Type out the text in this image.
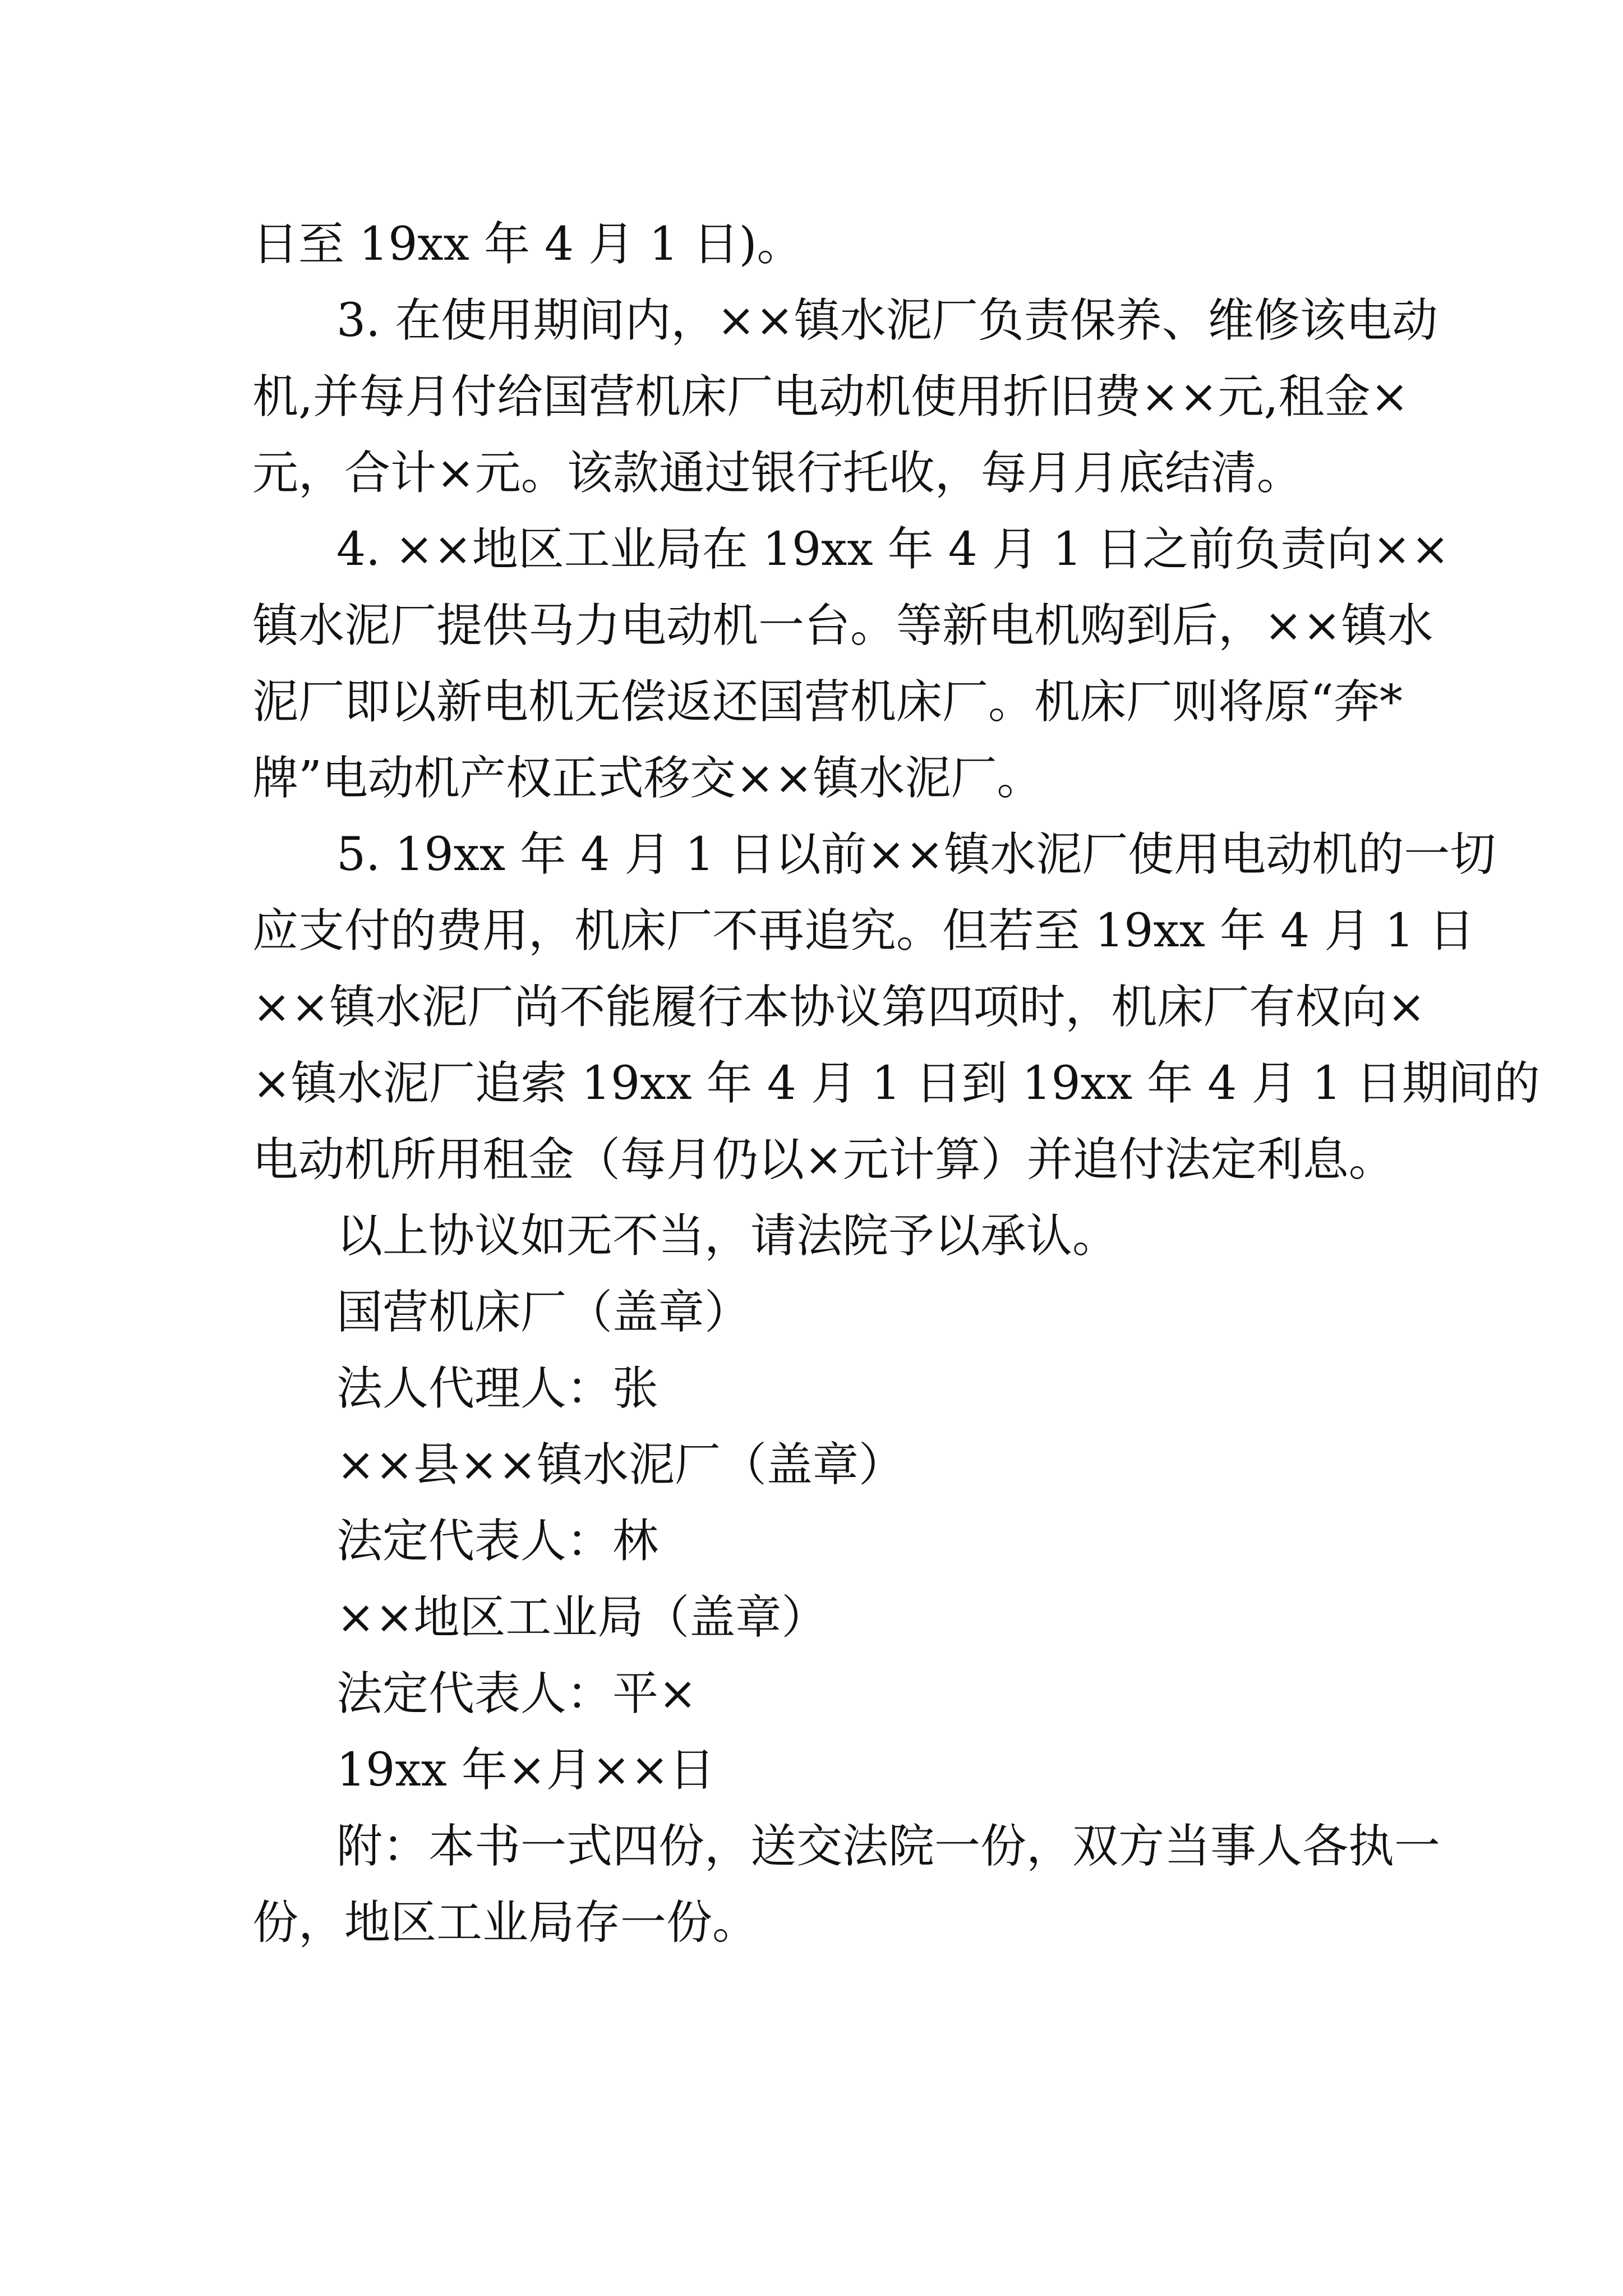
日至 19xx 年 4 月 1 日)。
3. 在使用期间内，××镇水泥厂负责保养、维修该电动
机,并每月付给国营机床厂电动机使用折旧费××元,租金×
元，合计×元。该款通过银行托收，每月月底结清。
4. ××地区工业局在 19xx 年 4 月 1 日之前负责向××
镇水泥厂提供马力电动机一台。等新电机购到后，××镇水
泥厂即以新电机无偿返还国营机床厂。机床厂则将原“奔*
牌”电动机产权正式移交××镇水泥厂。
5. 19xx 年 4 月 1 日以前××镇水泥厂使用电动机的一切
应支付的费用，机床厂不再追究。但若至 19xx 年 4 月 1 日
××镇水泥厂尚不能履行本协议第四项时，机床厂有权向×
×镇水泥厂追索 19xx 年 4 月 1 日到 19xx 年 4 月 1 日期间的
电动机所用租金（每月仍以×元计算）并追付法定利息。
以上协议如无不当，请法院予以承认。
国营机床厂（盖章）
法人代理人：张
××县××镇水泥厂（盖章）
法定代表人：林
××地区工业局（盖章）
法定代表人：平×
19xx 年×月××日
附：本书一式四份，送交法院一份，双方当事人各执一
份，地区工业局存一份。
